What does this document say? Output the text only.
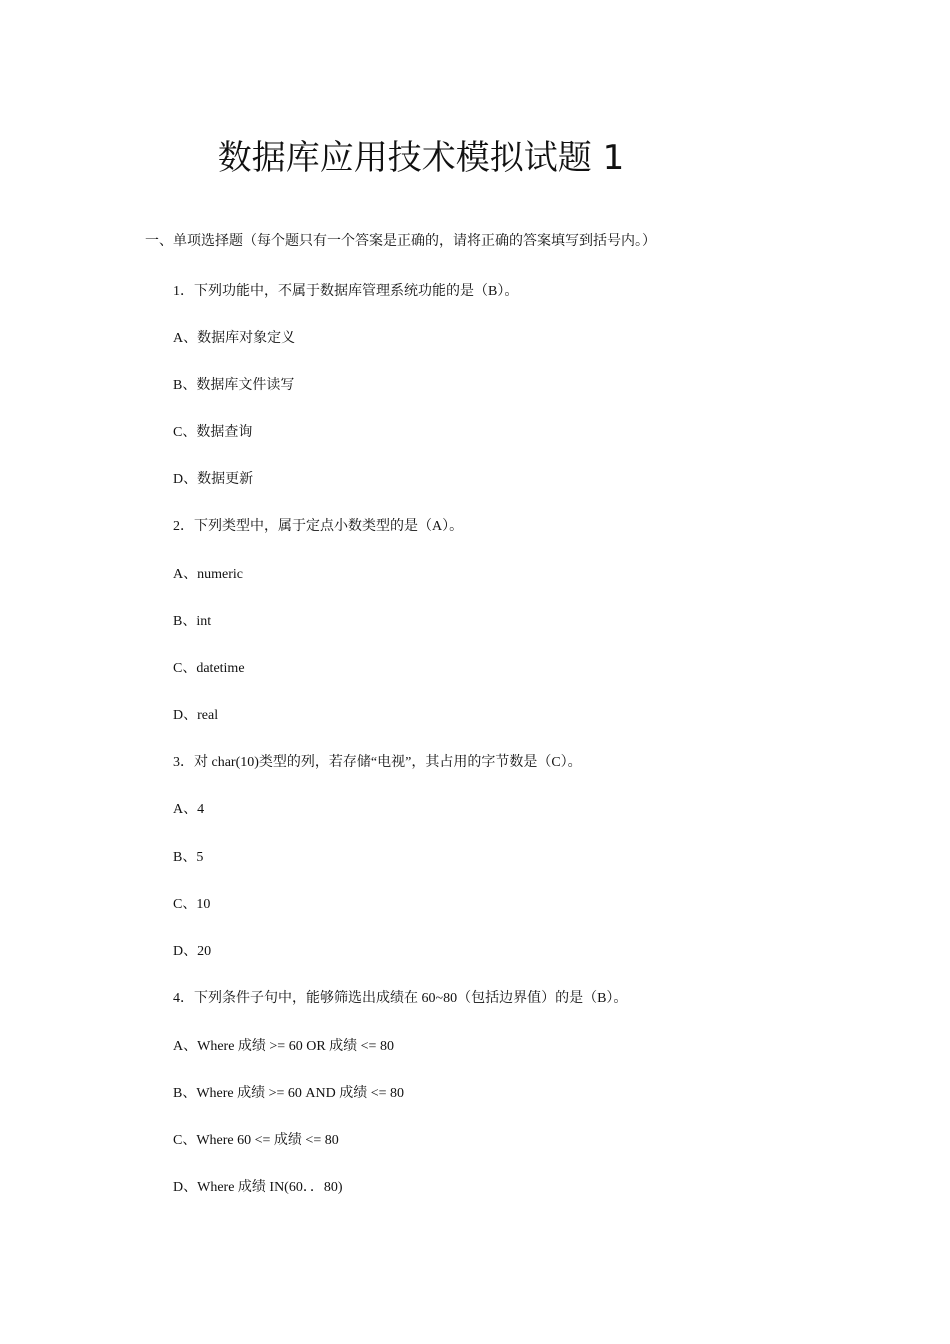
数据库应用技术模拟试题 1

一、单项选择题（每个题只有一个答案是正确的，请将正确的答案填写到括号内。）

1．下列功能中，不属于数据库管理系统功能的是（B）。

A、数据库对象定义

B、数据库文件读写

C、数据查询

D、数据更新

2．下列类型中，属于定点小数类型的是（A）。

A、numeric

B、int

C、datetime

D、real

3．对 char(10)类型的列，若存储“电视”，其占用的字节数是（C）。

A、4

B、5

C、10

D、20

4．下列条件子句中，能够筛选出成绩在 60~80（包括边界值）的是（B）。

A、Where 成绩 >= 60 OR 成绩 <= 80

B、Where 成绩 >= 60 AND 成绩 <= 80

C、Where 60 <= 成绩 <= 80

D、Where 成绩 IN(60．．80)
